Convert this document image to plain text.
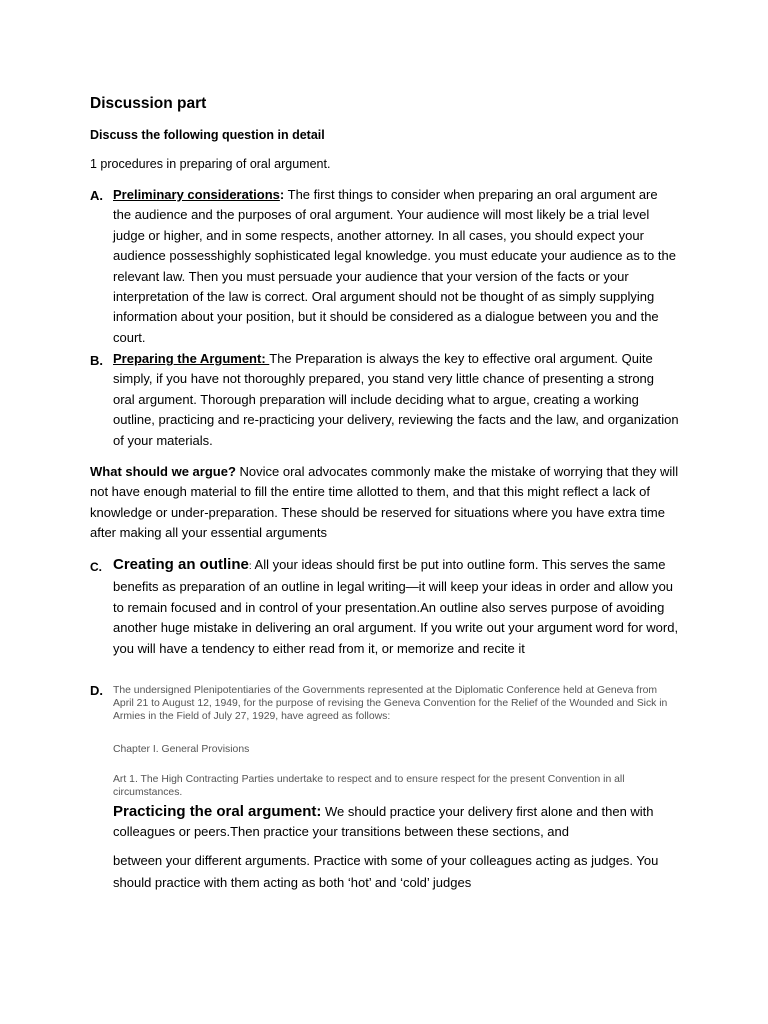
Discussion part

Discuss the following question in detail

1 procedures in preparing of oral argument.

A. Preliminary considerations: The first things to consider when preparing an oral argument are the audience and the purposes of oral argument. Your audience will most likely be a trial level judge or higher, and in some respects, another attorney. In all cases, you should expect your audience possesshighly sophisticated legal knowledge. you must educate your audience as to the relevant law. Then you must persuade your audience that your version of the facts or your interpretation of the law is correct. Oral argument should not be thought of as simply supplying information about your position, but it should be considered as a dialogue between you and the court.

B. Preparing the Argument: The Preparation is always the key to effective oral argument. Quite simply, if you have not thoroughly prepared, you stand very little chance of presenting a strong oral argument. Thorough preparation will include deciding what to argue, creating a working outline, practicing and re-practicing your delivery, reviewing the facts and the law, and organization of your materials.

What should we argue? Novice oral advocates commonly make the mistake of worrying that they will not have enough material to fill the entire time allotted to them, and that this might reflect a lack of knowledge or under-preparation. These should be reserved for situations where you have extra time after making all your essential arguments

C. Creating an outline: All your ideas should first be put into outline form. This serves the same benefits as preparation of an outline in legal writing—it will keep your ideas in order and allow you to remain focused and in control of your presentation.An outline also serves purpose of avoiding another huge mistake in delivering an oral argument. If you write out your argument word for word, you will have a tendency to either read from it, or memorize and recite it

D. The undersigned Plenipotentiaries of the Governments represented at the Diplomatic Conference held at Geneva from April 21 to August 12, 1949, for the purpose of revising the Geneva Convention for the Relief of the Wounded and Sick in Armies in the Field of July 27, 1929, have agreed as follows:

Chapter I. General Provisions

Art 1. The High Contracting Parties undertake to respect and to ensure respect for the present Convention in all circumstances.

Practicing the oral argument: We should practice your delivery first alone and then with colleagues or peers.Then practice your transitions between these sections, and

between your different arguments. Practice with some of your colleagues acting as judges. You should practice with them acting as both ‘hot’ and ‘cold’ judges
